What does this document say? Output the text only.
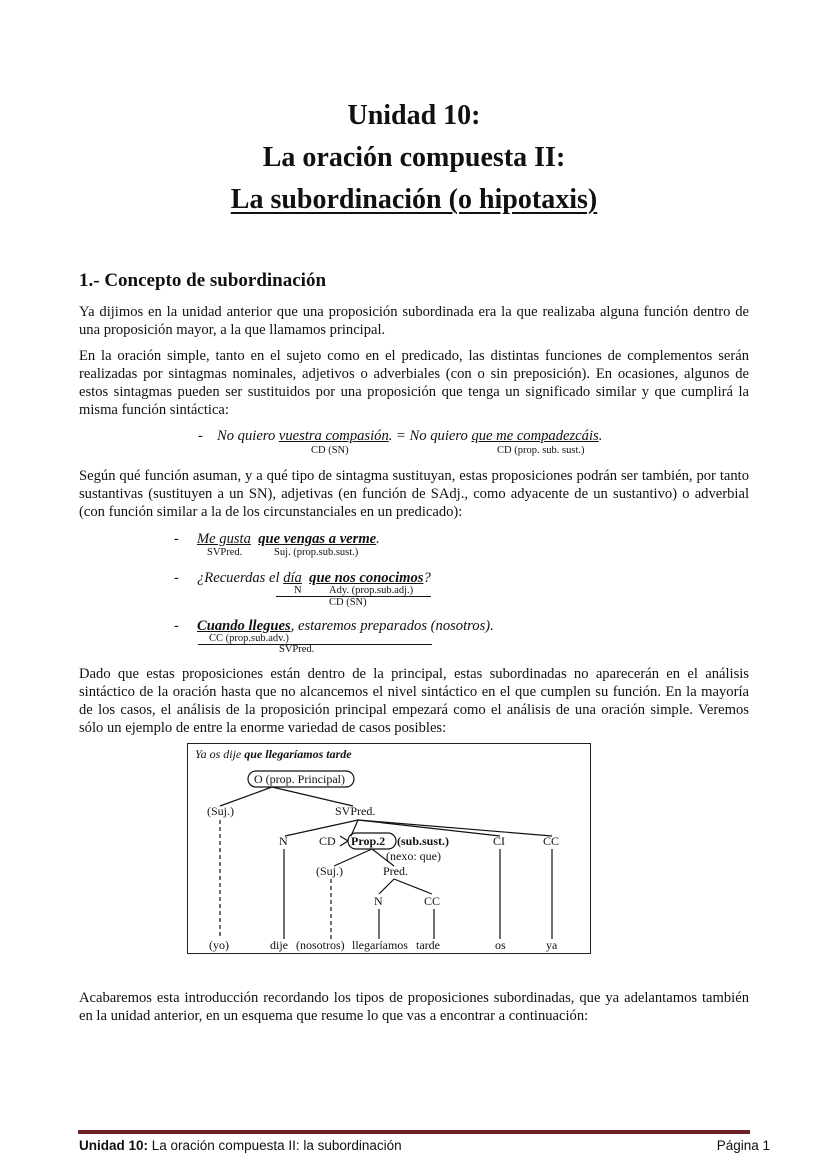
Unidad 10:
La oración compuesta II:
La subordinación (o hipotaxis)
1.- Concepto de subordinación
Ya dijimos en la unidad anterior que una proposición subordinada era la que realizaba alguna función dentro de una proposición mayor, a la que llamamos principal.
En la oración simple, tanto en el sujeto como en el predicado, las distintas funciones de complementos serán realizadas por sintagmas nominales, adjetivos o adverbiales (con o sin preposición). En ocasiones, algunos de estos sintagmas pueden ser sustituidos por una proposición que tenga un significado similar y que cumplirá la misma función sintáctica:
- No quiero vuestra compasión. = No quiero que me compadezcáis.
CD (SN)	CD (prop. sub. sust.)
Según qué función asuman, y a qué tipo de sintagma sustituyan, estas proposiciones podrán ser también, por tanto sustantivas (sustituyen a un SN), adjetivas (en función de SAdj., como adyacente de un sustantivo) o adverbial (con función similar a la de los circunstanciales en un predicado):
- Me gusta que vengas a verme.
SVPred.	Suj. (prop.sub.sust.)
- ¿Recuerdas el día que nos conocimos?
N	Ady. (prop.sub.adj.)
CD (SN)
- Cuando llegues, estaremos preparados (nosotros).
CC (prop.sub.adv.)
SVPred.
Dado que estas proposiciones están dentro de la principal, estas subordinadas no aparecerán en el análisis sintáctico de la oración hasta que no alcancemos el nivel sintáctico en el que cumplen su función. En la mayoría de los casos, el análisis de la proposición principal empezará como el análisis de una oración simple. Veremos sólo un ejemplo de entre la enorme variedad de casos posibles:
Ya os dije que llegaríamos tarde
O (prop. Principal)
(Suj.)	SVPred.
N	CD Prop.2 (sub.sust.)
(nexo: que)
CI	CC
(Suj.)	Pred.
N	CC
(yo)	dije (nosotros) llegaríamos tarde	os	ya
Acabaremos esta introducción recordando los tipos de proposiciones subordinadas, que ya adelantamos también en la unidad anterior, en un esquema que resume lo que vas a encontrar a continuación:
Unidad 10: La oración compuesta II: la subordinación	Página 1
